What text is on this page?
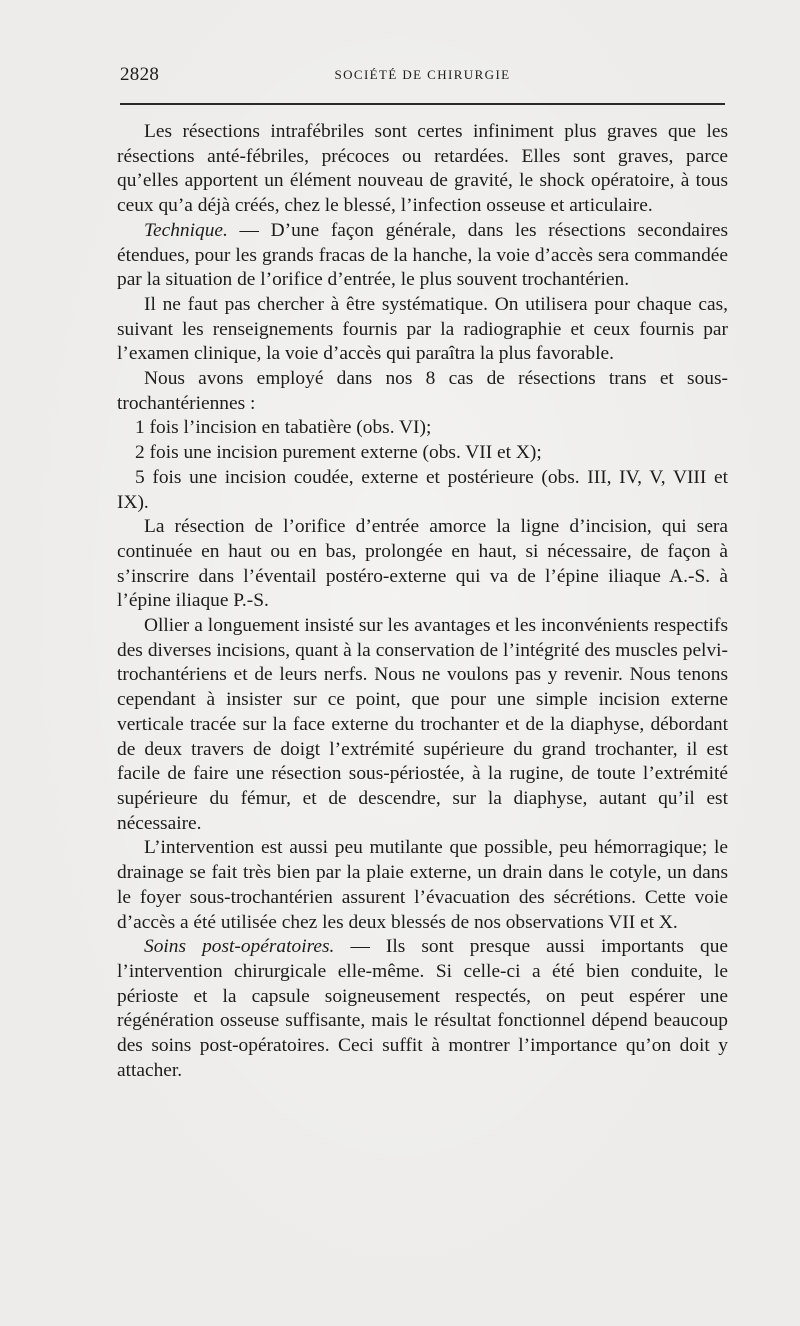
2828	SOCIÉTÉ DE CHIRURGIE

Les résections intrafébriles sont certes infiniment plus graves que les résections anté-fébriles, précoces ou retardées. Elles sont graves, parce qu’elles apportent un élément nouveau de gravité, le shock opératoire, à tous ceux qu’a déjà créés, chez le blessé, l’infection osseuse et articulaire.

Technique. — D’une façon générale, dans les résections secondaires étendues, pour les grands fracas de la hanche, la voie d’accès sera commandée par la situation de l’orifice d’entrée, le plus souvent trochantérien.

Il ne faut pas chercher à être systématique. On utilisera pour chaque cas, suivant les renseignements fournis par la radiographie et ceux fournis par l’examen clinique, la voie d’accès qui paraîtra la plus favorable.

Nous avons employé dans nos 8 cas de résections trans et sous-trochantériennes :

1 fois l’incision en tabatière (obs. VI);

2 fois une incision purement externe (obs. VII et X);

5 fois une incision coudée, externe et postérieure (obs. III, IV, V, VIII et IX).

La résection de l’orifice d’entrée amorce la ligne d’incision, qui sera continuée en haut ou en bas, prolongée en haut, si nécessaire, de façon à s’inscrire dans l’éventail postéro-externe qui va de l’épine iliaque A.-S. à l’épine iliaque P.-S.

Ollier a longuement insisté sur les avantages et les inconvénients respectifs des diverses incisions, quant à la conservation de l’intégrité des muscles pelvi-trochantériens et de leurs nerfs. Nous ne voulons pas y revenir. Nous tenons cependant à insister sur ce point, que pour une simple incision externe verticale tracée sur la face externe du trochanter et de la diaphyse, débordant de deux travers de doigt l’extrémité supérieure du grand trochanter, il est facile de faire une résection sous-périostée, à la rugine, de toute l’extrémité supérieure du fémur, et de descendre, sur la diaphyse, autant qu’il est nécessaire.

L’intervention est aussi peu mutilante que possible, peu hémorragique; le drainage se fait très bien par la plaie externe, un drain dans le cotyle, un dans le foyer sous-trochantérien assurent l’évacuation des sécrétions. Cette voie d’accès a été utilisée chez les deux blessés de nos observations VII et X.

Soins post-opératoires. — Ils sont presque aussi importants que l’intervention chirurgicale elle-même. Si celle-ci a été bien conduite, le périoste et la capsule soigneusement respectés, on peut espérer une régénération osseuse suffisante, mais le résultat fonctionnel dépend beaucoup des soins post-opératoires. Ceci suffit à montrer l’importance qu’on doit y attacher.
